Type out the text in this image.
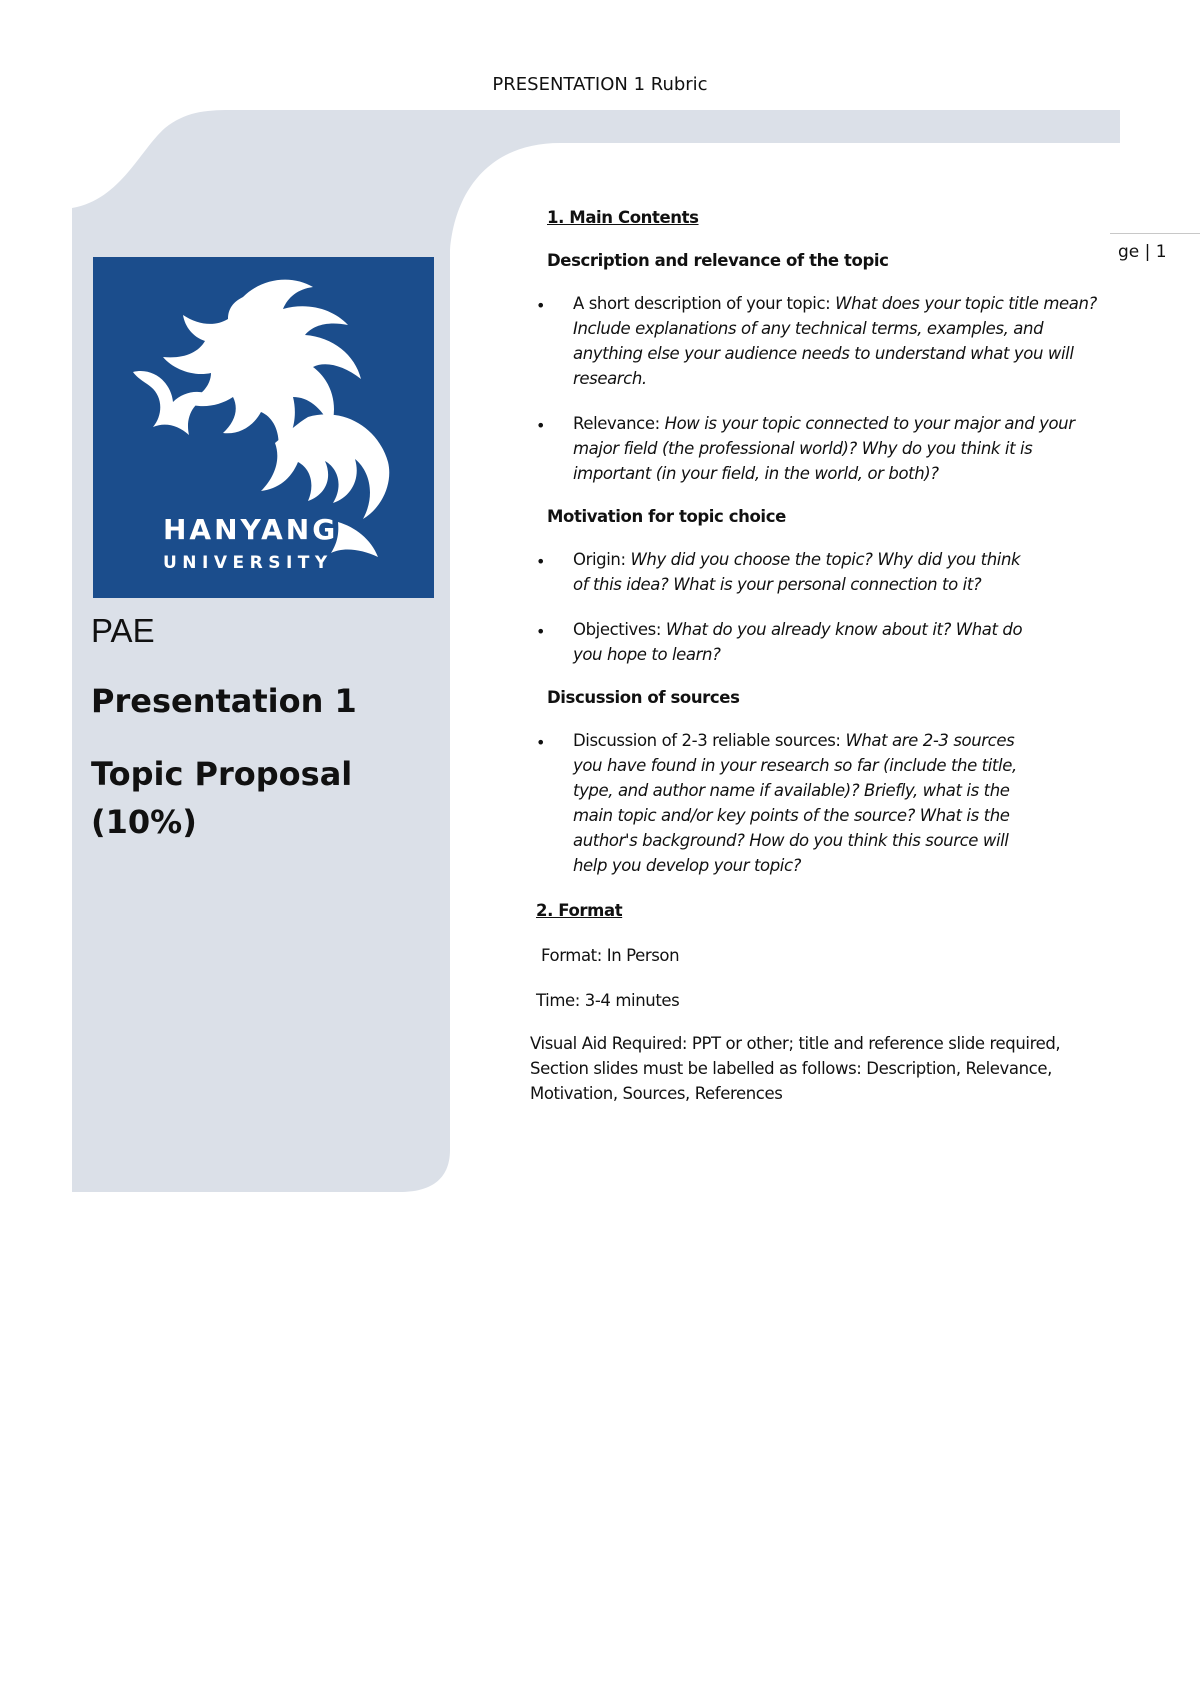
PRESENTATION 1 Rubric
ge | 1
HANYANG
UNIVERSITY
PAE
Presentation 1
Topic Proposal (10%)
1. Main Contents
Description and relevance of the topic
• A short description of your topic: What does your topic title mean? Include explanations of any technical terms, examples, and anything else your audience needs to understand what you will research.
• Relevance: How is your topic connected to your major and your major field (the professional world)? Why do you think it is important (in your field, in the world, or both)?
Motivation for topic choice
• Origin: Why did you choose the topic? Why did you think of this idea? What is your personal connection to it?
• Objectives: What do you already know about it? What do you hope to learn?
Discussion of sources
• Discussion of 2-3 reliable sources: What are 2-3 sources you have found in your research so far (include the title, type, and author name if available)? Briefly, what is the main topic and/or key points of the source? What is the author's background? How do you think this source will help you develop your topic?
2. Format
Format: In Person
Time: 3-4 minutes
Visual Aid Required: PPT or other; title and reference slide required, Section slides must be labelled as follows: Description, Relevance, Motivation, Sources, References
